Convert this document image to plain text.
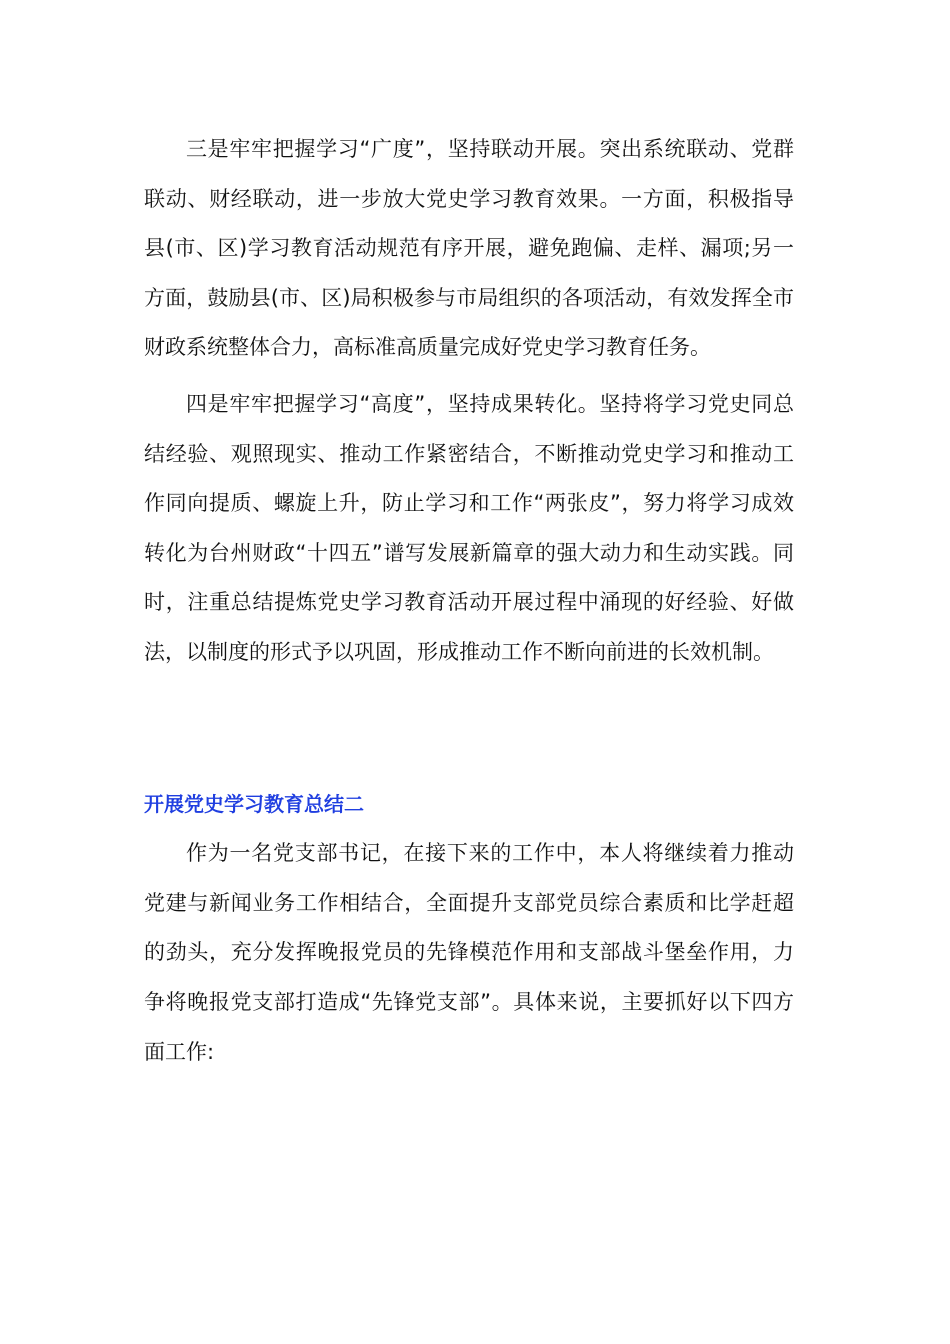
三是牢牢把握学习“广度”，坚持联动开展。突出系统联动、党群联动、财经联动，进一步放大党史学习教育效果。一方面，积极指导县(市、区)学习教育活动规范有序开展，避免跑偏、走样、漏项;另一方面，鼓励县(市、区)局积极参与市局组织的各项活动，有效发挥全市财政系统整体合力，高标准高质量完成好党史学习教育任务。

四是牢牢把握学习“高度”，坚持成果转化。坚持将学习党史同总结经验、观照现实、推动工作紧密结合，不断推动党史学习和推动工作同向提质、螺旋上升，防止学习和工作“两张皮”，努力将学习成效转化为台州财政“十四五”谱写发展新篇章的强大动力和生动实践。同时，注重总结提炼党史学习教育活动开展过程中涌现的好经验、好做法，以制度的形式予以巩固，形成推动工作不断向前进的长效机制。

开展党史学习教育总结二

作为一名党支部书记，在接下来的工作中，本人将继续着力推动党建与新闻业务工作相结合，全面提升支部党员综合素质和比学赶超的劲头，充分发挥晚报党员的先锋模范作用和支部战斗堡垒作用，力争将晚报党支部打造成“先锋党支部”。具体来说，主要抓好以下四方面工作:
